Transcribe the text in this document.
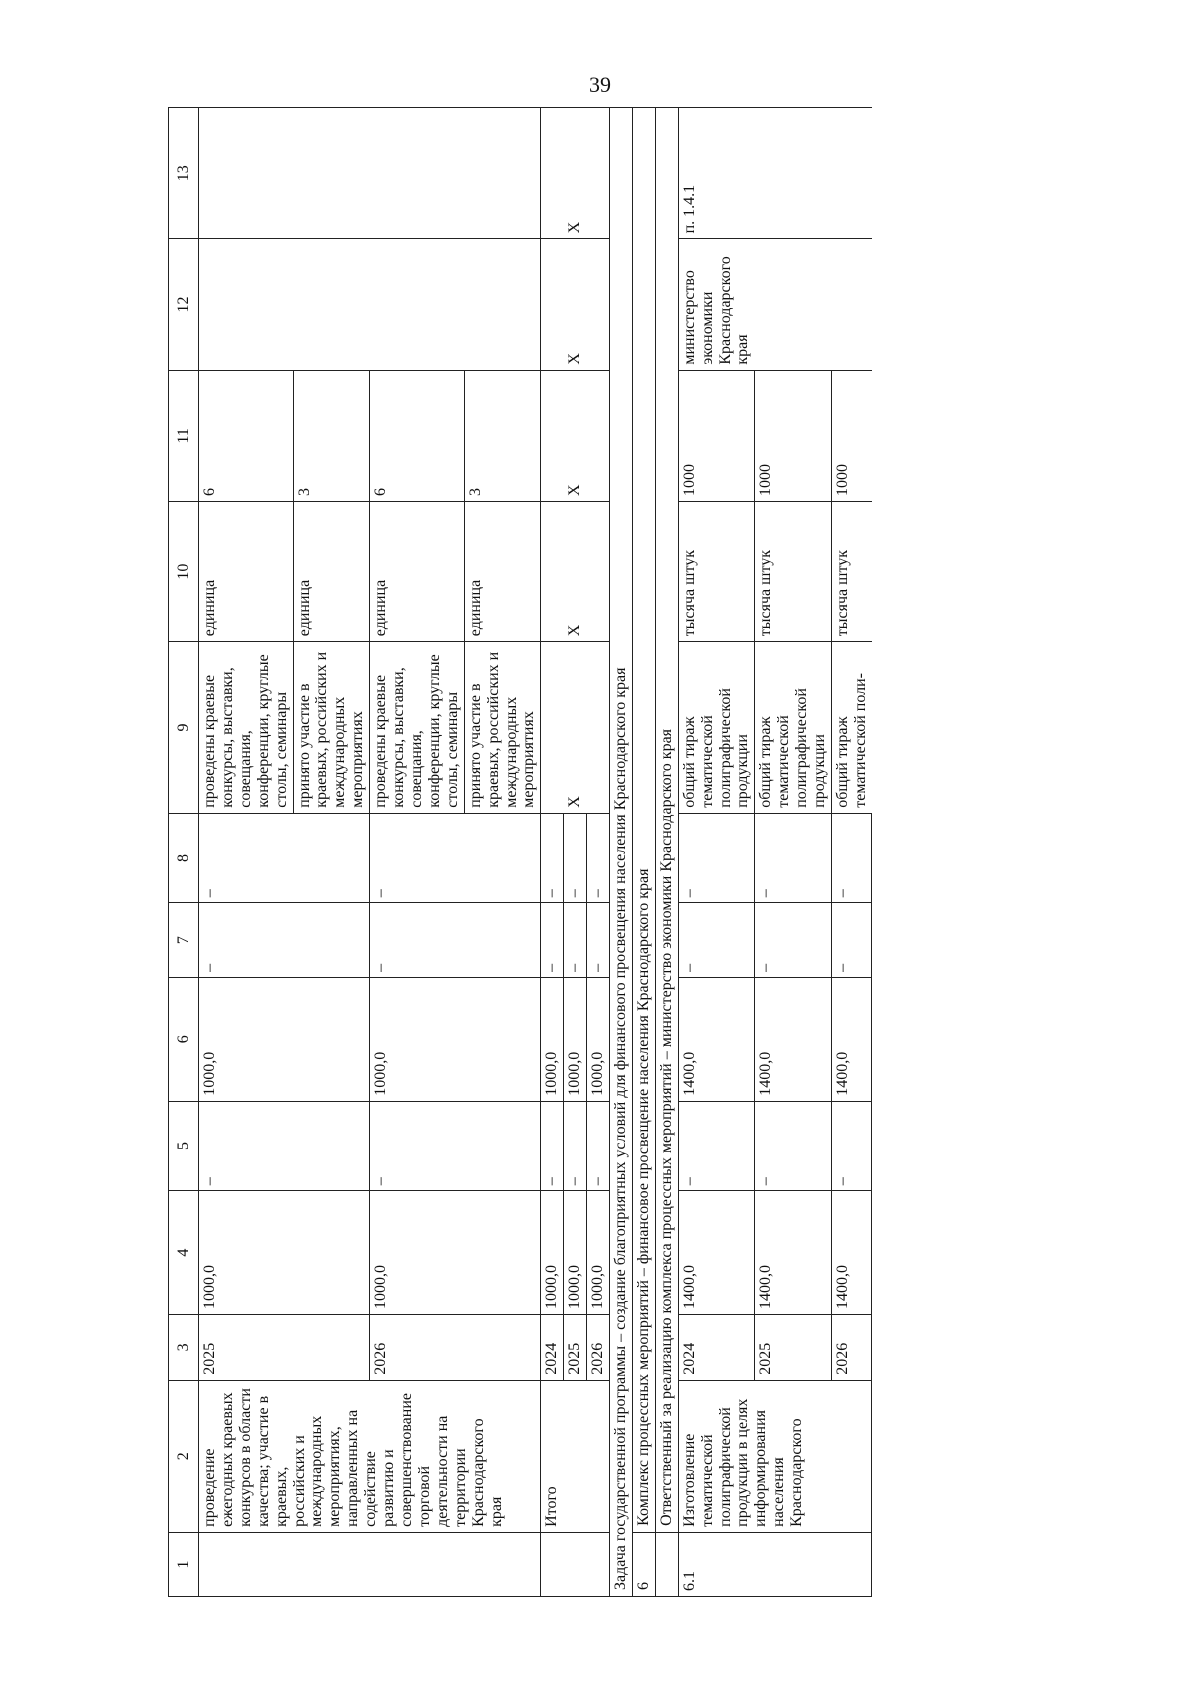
39
1	2	3	4	5	6	7	8	9	10	11	12	13
	проведение ежегодных краевых конкурсов в области качества; участие в краевых, российских и международных мероприятиях, направленных на содействие развитию и совершенствование торговой деятельности на территории Краснодарского края	2025	1000,0	–	1000,0	–	–	проведены краевые конкурсы, выставки, совещания, конференции, круглые столы, семинары	единица	6		
								принято участие в краевых, российских и международных мероприятиях	единица	3		
		2026	1000,0	–	1000,0	–	–	проведены краевые конкурсы, выставки, совещания, конференции, круглые столы, семинары	единица	6		
								принято участие в краевых, российских и международных мероприятиях	единица	3		
	Итого	2024	1000,0	–	1000,0	–	–	X	X	X	X	X
		2025	1000,0	–	1000,0	–	–					
		2026	1000,0	–	1000,0	–	–					
Задача государственной программы – создание благоприятных условий для финансового просвещения населения Краснодарского края												
6	Комплекс процессных мероприятий – финансовое просвещение населения Краснодарского края											
	Ответственный за реализацию комплекса процессных мероприятий – министерство экономики Краснодарского края											
6.1	Изготовление тематической полиграфической продукции в целях информирования населения Краснодарского	2024	1400,0	–	1400,0	–	–	общий тираж тематической полиграфической продукции	тысяча штук	1000	министерство экономики Краснодарского края	п. 1.4.1
		2025	1400,0	–	1400,0	–	–	общий тираж тематической полиграфической продукции	тысяча штук	1000		
		2026	1400,0	–	1400,0	–	–	общий тираж тематической поли-	тысяча штук	1000		
